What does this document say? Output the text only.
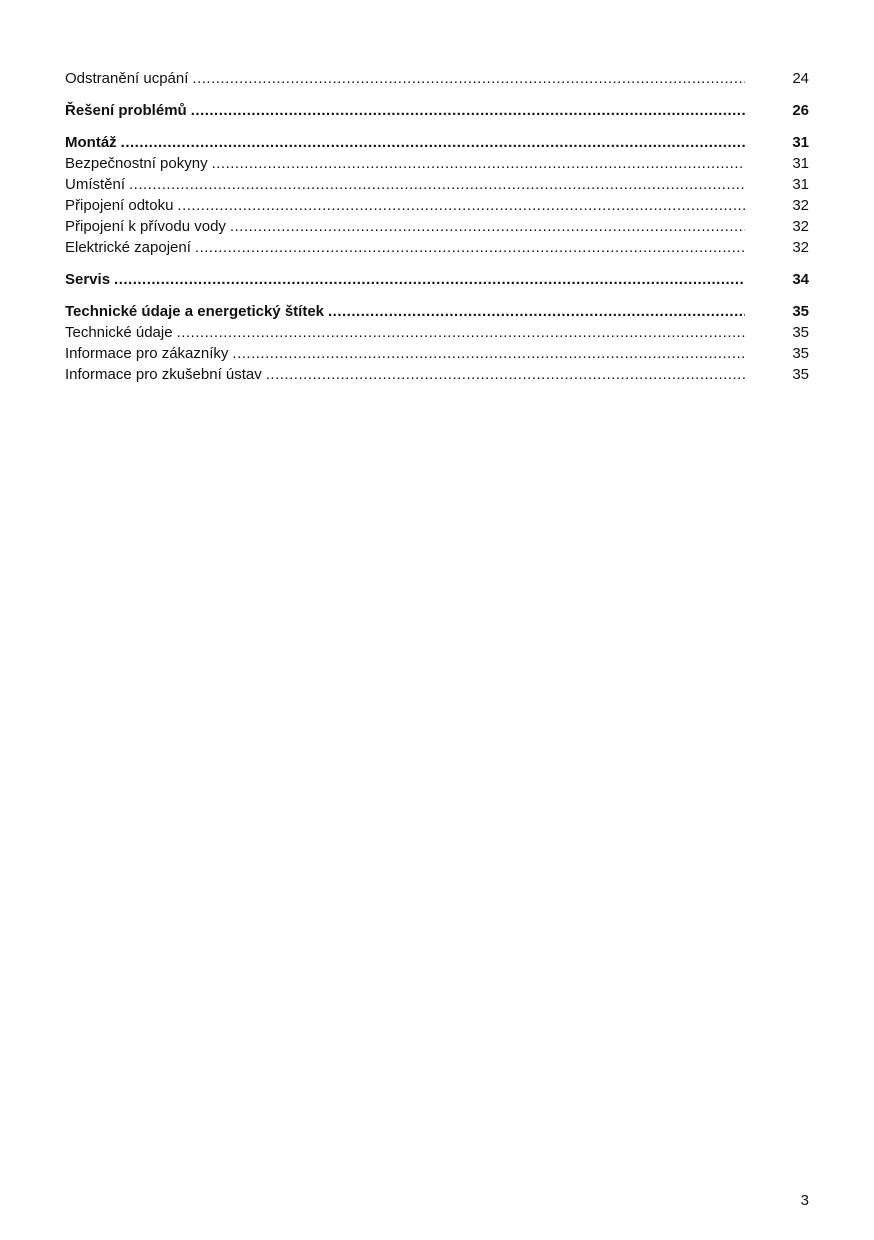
Odstranění ucpání .....	24
Řešení problémů .....	26
Montáž .....	31
Bezpečnostní pokyny .....	31
Umístění .....	31
Připojení odtoku .....	32
Připojení k přívodu vody .....	32
Elektrické zapojení .....	32
Servis .....	34
Technické údaje a energetický štítek .....	35
Technické údaje .....	35
Informace pro zákazníky .....	35
Informace pro zkušební ústav .....	35
3
